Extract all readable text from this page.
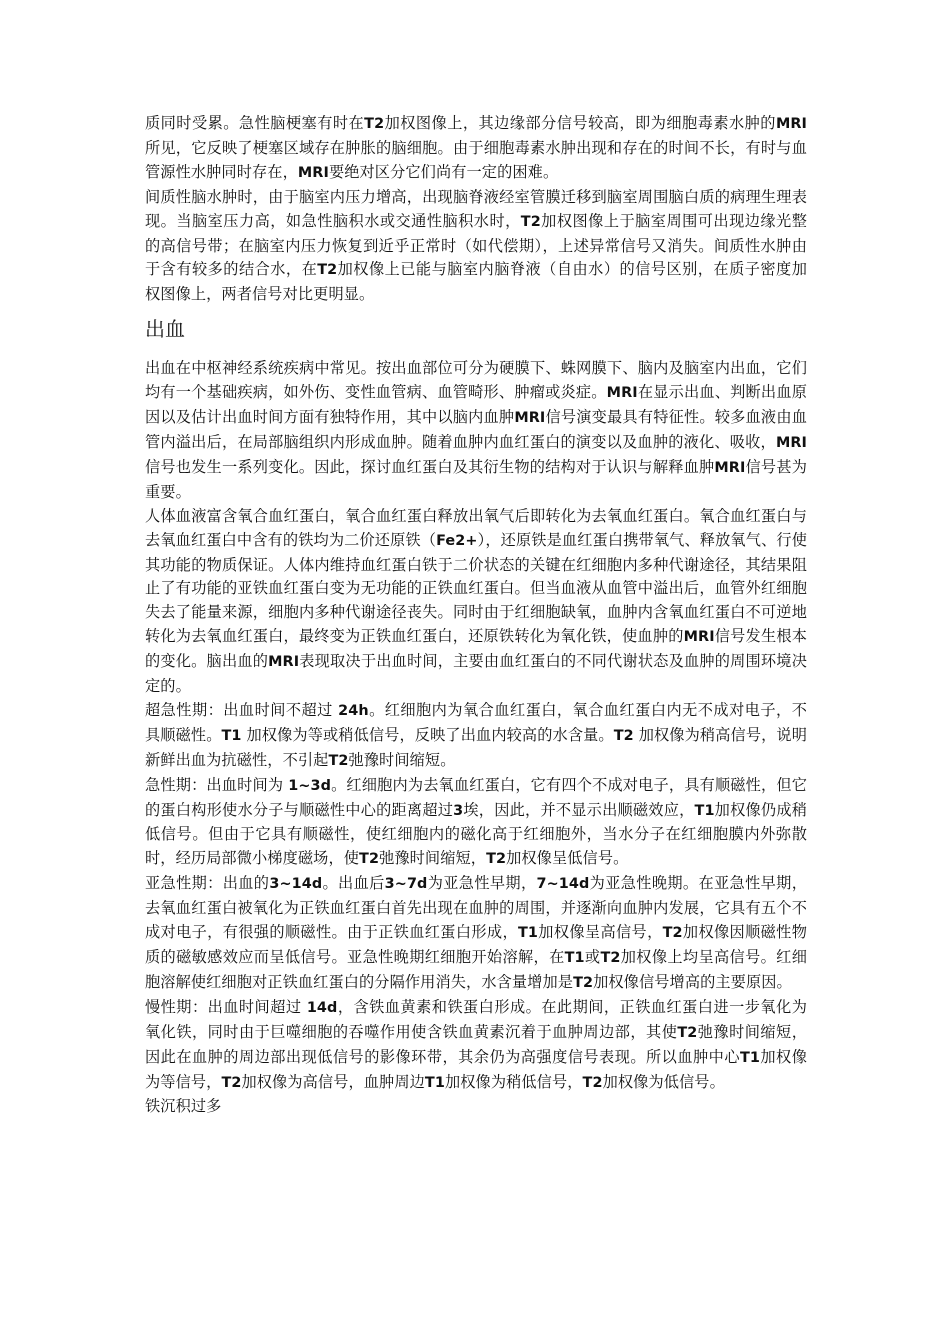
质同时受累。急性脑梗塞有时在T2加权图像上，其边缘部分信号较高，即为细胞毒素水肿的MRI所见，它反映了梗塞区域存在肿胀的脑细胞。由于细胞毒素水肿出现和存在的时间不长，有时与血管源性水肿同时存在，MRI要绝对区分它们尚有一定的困难。

间质性脑水肿时，由于脑室内压力增高，出现脑脊液经室管膜迁移到脑室周围脑白质的病理生理表现。当脑室压力高，如急性脑积水或交通性脑积水时，T2加权图像上于脑室周围可出现边缘光整的高信号带；在脑室内压力恢复到近乎正常时（如代偿期），上述异常信号又消失。间质性水肿由于含有较多的结合水，在T2加权像上已能与脑室内脑脊液（自由水）的信号区别，在质子密度加权图像上，两者信号对比更明显。

出血

出血在中枢神经系统疾病中常见。按出血部位可分为硬膜下、蛛网膜下、脑内及脑室内出血，它们均有一个基础疾病，如外伤、变性血管病、血管畸形、肿瘤或炎症。MRI在显示出血、判断出血原因以及估计出血时间方面有独特作用，其中以脑内血肿MRI信号演变最具有特征性。较多血液由血管内溢出后，在局部脑组织内形成血肿。随着血肿内血红蛋白的演变以及血肿的液化、吸收，MRI信号也发生一系列变化。因此，探讨血红蛋白及其衍生物的结构对于认识与解释血肿MRI信号甚为重要。

人体血液富含氧合血红蛋白，氧合血红蛋白释放出氧气后即转化为去氧血红蛋白。氧合血红蛋白与去氧血红蛋白中含有的铁均为二价还原铁（Fe2+），还原铁是血红蛋白携带氧气、释放氧气、行使其功能的物质保证。人体内维持血红蛋白铁于二价状态的关键在红细胞内多种代谢途径，其结果阻止了有功能的亚铁血红蛋白变为无功能的正铁血红蛋白。但当血液从血管中溢出后，血管外红细胞失去了能量来源，细胞内多种代谢途径丧失。同时由于红细胞缺氧，血肿内含氧血红蛋白不可逆地转化为去氧血红蛋白，最终变为正铁血红蛋白，还原铁转化为氧化铁，使血肿的MRI信号发生根本的变化。脑出血的MRI表现取决于出血时间，主要由血红蛋白的不同代谢状态及血肿的周围环境决定的。

超急性期：出血时间不超过 24h。红细胞内为氧合血红蛋白，氧合血红蛋白内无不成对电子，不具顺磁性。T1 加权像为等或稍低信号，反映了出血内较高的水含量。T2 加权像为稍高信号，说明新鲜出血为抗磁性，不引起T2弛豫时间缩短。

急性期：出血时间为 1~3d。红细胞内为去氧血红蛋白，它有四个不成对电子，具有顺磁性，但它的蛋白构形使水分子与顺磁性中心的距离超过3埃，因此，并不显示出顺磁效应，T1加权像仍成稍低信号。但由于它具有顺磁性，使红细胞内的磁化高于红细胞外，当水分子在红细胞膜内外弥散时，经历局部微小梯度磁场，使T2弛豫时间缩短，T2加权像呈低信号。

亚急性期：出血的3~14d。出血后3~7d为亚急性早期，7~14d为亚急性晚期。在亚急性早期，去氧血红蛋白被氧化为正铁血红蛋白首先出现在血肿的周围，并逐渐向血肿内发展，它具有五个不成对电子，有很强的顺磁性。由于正铁血红蛋白形成，T1加权像呈高信号，T2加权像因顺磁性物质的磁敏感效应而呈低信号。亚急性晚期红细胞开始溶解，在T1或T2加权像上均呈高信号。红细胞溶解使红细胞对正铁血红蛋白的分隔作用消失，水含量增加是T2加权像信号增高的主要原因。

慢性期：出血时间超过 14d，含铁血黄素和铁蛋白形成。在此期间，正铁血红蛋白进一步氧化为氧化铁，同时由于巨噬细胞的吞噬作用使含铁血黄素沉着于血肿周边部，其使T2弛豫时间缩短，因此在血肿的周边部出现低信号的影像环带，其余仍为高强度信号表现。所以血肿中心T1加权像为等信号，T2加权像为高信号，血肿周边T1加权像为稍低信号，T2加权像为低信号。

铁沉积过多
